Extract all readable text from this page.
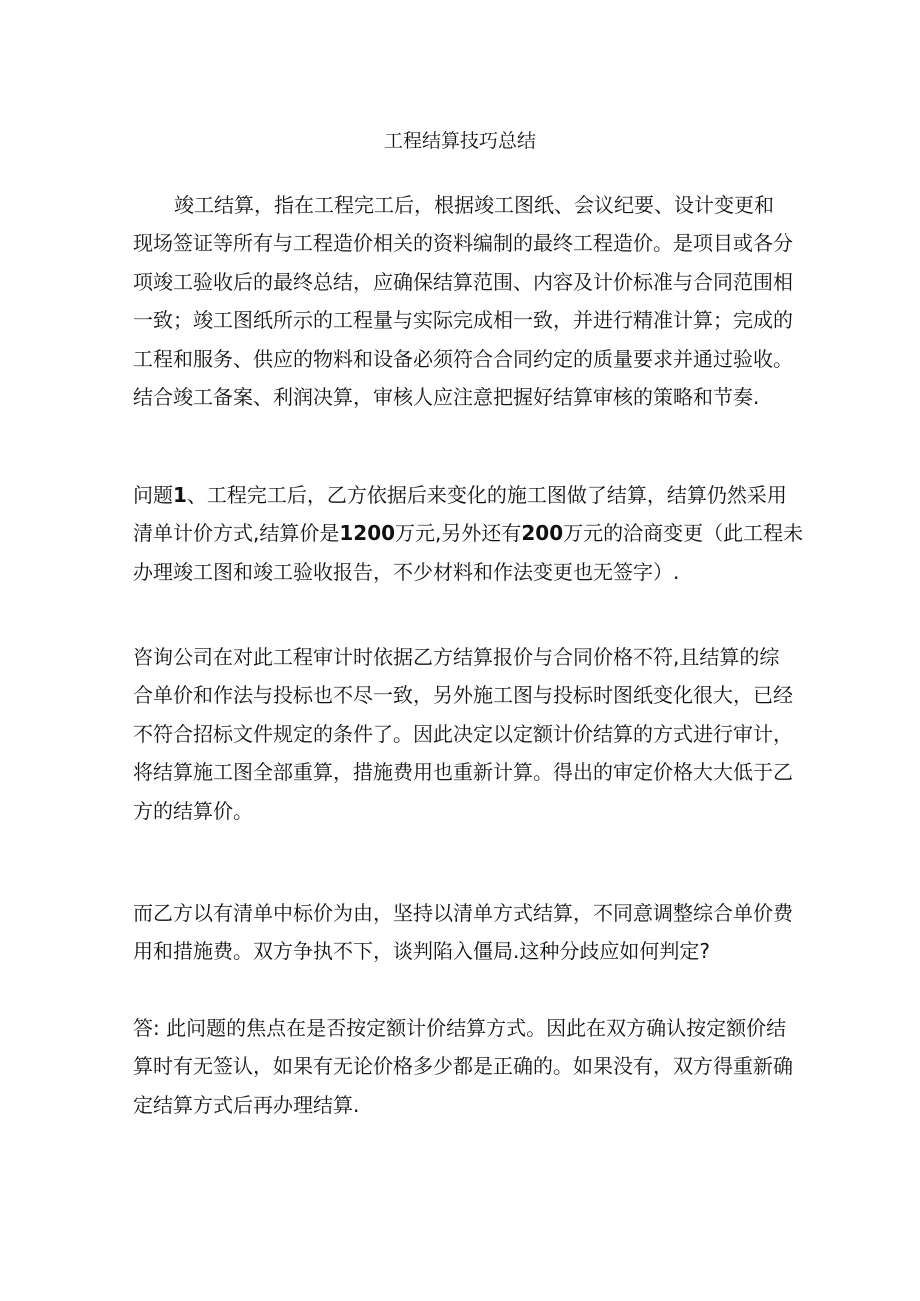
工程结算技巧总结

竣工结算，指在工程完工后，根据竣工图纸、会议纪要、设计变更和
现场签证等所有与工程造价相关的资料编制的最终工程造价。是项目或各分
项竣工验收后的最终总结，应确保结算范围、内容及计价标准与合同范围相
一致；竣工图纸所示的工程量与实际完成相一致，并进行精准计算；完成的
工程和服务、供应的物料和设备必须符合合同约定的质量要求并通过验收。
结合竣工备案、利润决算，审核人应注意把握好结算审核的策略和节奏.

问题1、工程完工后，乙方依据后来变化的施工图做了结算，结算仍然采用
清单计价方式,结算价是1200万元,另外还有200万元的洽商变更（此工程未
办理竣工图和竣工验收报告，不少材料和作法变更也无签字）.

咨询公司在对此工程审计时依据乙方结算报价与合同价格不符,且结算的综
合单价和作法与投标也不尽一致，另外施工图与投标时图纸变化很大，已经
不符合招标文件规定的条件了。因此决定以定额计价结算的方式进行审计，
将结算施工图全部重算，措施费用也重新计算。得出的审定价格大大低于乙
方的结算价。

而乙方以有清单中标价为由，坚持以清单方式结算，不同意调整综合单价费
用和措施费。双方争执不下，谈判陷入僵局.这种分歧应如何判定?

答: 此问题的焦点在是否按定额计价结算方式。因此在双方确认按定额价结
算时有无签认，如果有无论价格多少都是正确的。如果没有，双方得重新确
定结算方式后再办理结算.
